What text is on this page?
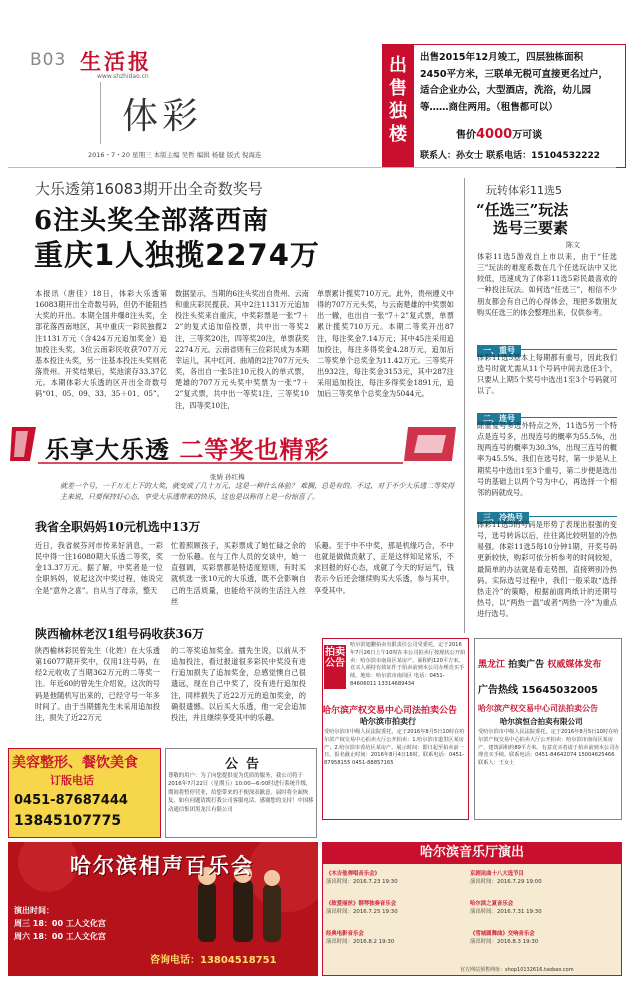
B03 生活报
www.shzhidao.cn
体彩
2016・7・20 星期三 本版主编 吴哲 编辑 杨健 版式 倪海连
出售独楼
出售2015年12月竣工，四层独栋面积
2450平方米，三联单无税可直接更名过户，
适合企业办公，大型酒店，洗浴，幼儿园
等……商住两用。（租售都可以）
售价4000万可谈
联系人：孙女士 联系电话：15104532222
大乐透第16083期开出全奇数奖号
6注头奖全部落西南
重庆1人独揽2274万
本报讯（唐佳）18日，体彩大乐透第16083期开出全奇数号码，但仍不能阻挡大奖的开出。本期全国井爆8注头奖，全部花落西南地区，其中重庆一彩民独揽2注1131万元（含424万元追加奖金）追加投注头奖，3位云南彩民收获707万元基本投注头奖，另一注基本投注头奖则花落贵州。开奖结果后，奖池滚存33.37亿元。本期体彩大乐透的区开出全奇数号码“01、05、09、33、35＋01、05”。
数据显示，当期的6注头奖出自贵州、云南和重庆彩民揽获。其中2注1131万元追加投注头奖来自重庆，中奖彩票是一张“7＋2”的复式追加倍投票，共中出一等奖2注，三等奖20注，四等奖20注，单票获奖2274万元。云南省则有三位彩民成为本期幸运儿，其中红河、曲靖的2注707万元头奖，各出自一张5注10元投入的单式票，楚雄的707万元头奖中奖票为一张“7＋2”复式票，共中出一等奖1注，三等奖10注，四等奖10注，
单票累计揽奖710万元。此外，贵州遵义中得的707万元头奖，与云南楚雄的中奖票如出一辙，也出自一张“7＋2”复式票，单票累计揽奖710万元。本期二等奖开出87注，每注奖金7.14万元；其中45注采用追加投注，每注多得奖金4.28万元，追加后二等奖单个总奖金为11.42万元。三等奖开出932注，每注奖金3153元，其中287注采用追加投注，每注多得奖金1891元，追加后三等奖单个总奖金为5044元。
乐享大乐透 二等奖也精彩
张婧 孙红梅
就差一个号，一千万无上下的大奖，就变成了几十万元，这是一种什么体验？ 难搁，总是有的。不过，对于不少大乐透二等奖得主来说，只要保持好心态，享受大乐透带来的快乐，这也是以称得上是一份惊喜了。
我省全职妈妈10元机选中13万
近日，我省候芬河市传来好消息，一彩民中得一注16080期大乐透二等奖，奖金13.37万元。据了解，中奖者是一位全职妈妈，说起这次中奖过程，她说完全是“意外之喜”。自从当了母亲，整天
忙着照顾孩子，买彩票成了她忙碌之余的一份乐趣。在与工作人员的交谈中，她一直强调，买彩票都是特适度原则，有时买就机选一张10元的大乐透，既不会影响自己的生活质量，也能给平淡的生活注入丝丝
乐趣。至于中不中奖，那是机缘巧合，不中也就是做做贡献了，正是这样知足常乐，不求回报的好心态，成就了今天的好运气，钱表示今后还会继续购买大乐透，参与其中，享受其中。
陕西榆林老汉1组号码收获36万
陕西榆林彩民曾先生（化姓）在大乐透第16077期开奖中，仅用1注号码，在经2元收收了当期362万元的二等奖一注。年近60的曾先生介绍说，这次的号码是他随机写出来的，已经守号一年多时间了。由于当期擂先生未采用追加投注，损失了近22万元
的二等奖追加奖金。擂先生说，以前从不追加投注，看过报道很多彩民中奖没有进行追加损失了追加奖金，总感觉懊自己很遗远，现在自己中奖了，没有进行追加投注，同样损失了近22万元的追加奖金，的确很遗憾。以后买大乐透，他一定会追加投注，并且继续享受其中的乐趣。
玩转体彩11选5
“任选三”玩法
选号三要素
陈文
体彩11选5游戏自上市以来，由于“任选三”玩法的难度系数在几个任选玩法中又比较低，迅速成为了体彩11选5彩民最喜欢的一种投注玩法。如何选“任选三”，相信不少朋友都会有自己的心得体会，现把多数朋友购买任选三的体会整理出来，仅供参考。
一、重号
体彩11选5基本上每期都有重号，因此我们选号时就尤需从11个号码中间去选任3个，只要从上期5个奖号中选出1至3个号码就可以了。
二、连号
除重复号多选外特点之外，11选5另一个特点是连号多，出现连号的概率为55.5%，出现两连号的概率为30.3%，出现三连号的概率为45.5%。我们在选号时，第一步是从上期奖号中选出1至3个重号，第二步便是选出号的基础上以两个号为中心，再选择一个相邻的码就成号。
三、冷热号
体彩11选5的号码是形势了表现出很强的变号，选号转诉以后，往往离比较明显的冷热易强。体彩11选5每10分钟1期，开奖号码更新较快，购彩可依分析参考的时间较短，最简单的办法就是看走势图，直接辨别冷热码。实际选号过程中，我们一般采取“选择热走冷”的策略，根据前面两纸计的还期号热号，以“两热一温”或者“两热一冷”为重点进行选号。
拍卖公告
哈尔滨旭鹏拍卖有限责任公司受委托，定于2016年7月26日上午10时在本公司拍卖厅按现状公开拍卖：哈尔滨市南岗区某房产，面积约120平方米。竞买人须持有效证件于拍卖前到本公司办理竞买手续。地址：哈尔滨市南岗区 电话：0451-84606011 13314689434
哈尔滨产权交易中心司法拍卖公告
哈尔滨市拍卖行
受哈尔滨市中级人民法院委托，定于2016年8月5日10时在哈尔滨产权交易中心拍卖大厅公开拍卖：1.哈尔滨市道里区某房产；2.哈尔滨市香坊区某房产。展示时间：即日起至拍卖前一日。报名截止时间：2016年8月4日16时。联系电话：0451-87958155 0451-88857165
黑龙江 拍卖广告 权威媒体发布
广告热线 15645032005
哈尔滨产权交易中心司法拍卖公告
哈尔滨恒合拍卖有限公司
受哈尔滨市中级人民法院委托，定于2016年8月5日10时在哈尔滨产权交易中心拍卖大厅公开拍卖：哈尔滨市南岗区某房产，建筑面积约89平方米。有意竞买者请于拍卖前到本公司办理竞买手续。联系电话：0451-84642074 15004625466 联系人：王女士
美容整形、餐饮美食
订版电话
0451-87687444
13845107775
公告
尊敬的用户：为了向您提供更为优质的服务，我公司将于2016年7月22日（星期五）10:00—6:00时进行系统升级，期间将暂停营业，给您带来的不便深表歉意。届时将全面恢复，如有问题请拨打我公司客服电话。感谢您的支持！中国移动通信集团黑龙江有限公司
哈尔滨相声百乐会
演出时间：
周三 18：00 工人文化宫
周六 18：00 工人文化宫
咨询电话：13804518751
哈尔滨音乐厅演出
《木吉他弹唱音乐会》
演出时间：2016.7.23 19:30
京剧昆曲十八大选节目
演出时间：2016.7.29 19:00
《致爱丽丝》钢琴独奏音乐会
演出时间：2016.7.25 19:30
哈尔滨之夏音乐会
演出时间：2016.7.31 19:30
经典电影音乐会
演出时间：2016.8.2 19:30
《雪城圆舞曲》交响音乐会
演出时间：2016.8.3 19:30
官方网站预售网址：shop10132616.taobao.com
